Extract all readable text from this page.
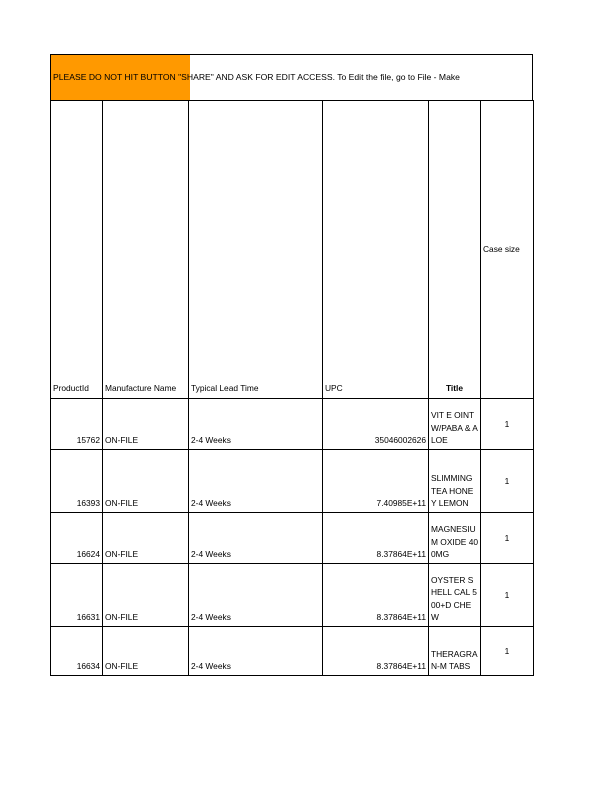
PLEASE DO NOT HIT BUTTON "SHARE" AND ASK FOR EDIT ACCESS. To Edit the file, go to File - Make
ProductId	Manufacture Name	Typical Lead Time	UPC	Title	Case size
15762	ON-FILE	2-4 Weeks	35046002626	VIT E OINT W/PABA & ALOE	1
16393	ON-FILE	2-4 Weeks	7.40985E+11	SLIMMING TEA HONEY LEMON	1
16624	ON-FILE	2-4 Weeks	8.37864E+11	MAGNESIUM OXIDE 400MG	1
16631	ON-FILE	2-4 Weeks	8.37864E+11	OYSTER SHELL CAL 500+D CHEW	1
16634	ON-FILE	2-4 Weeks	8.37864E+11	THERAGRAN-M TABS	1
